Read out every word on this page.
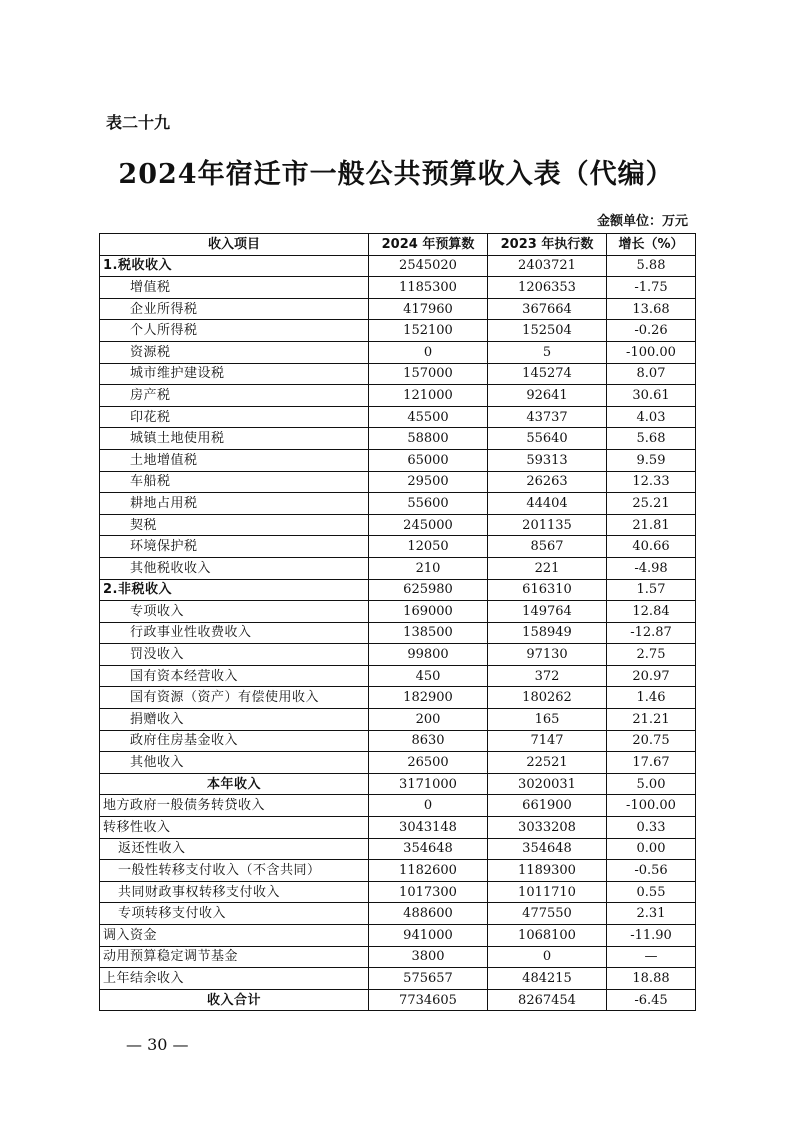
表二十九
2024年宿迁市一般公共预算收入表（代编）
金额单位：万元
收入项目	2024 年预算数	2023 年执行数	增长（%）
1.税收收入	2545020	2403721	5.88
增值税	1185300	1206353	-1.75
企业所得税	417960	367664	13.68
个人所得税	152100	152504	-0.26
资源税	0	5	-100.00
城市维护建设税	157000	145274	8.07
房产税	121000	92641	30.61
印花税	45500	43737	4.03
城镇土地使用税	58800	55640	5.68
土地增值税	65000	59313	9.59
车船税	29500	26263	12.33
耕地占用税	55600	44404	25.21
契税	245000	201135	21.81
环境保护税	12050	8567	40.66
其他税收收入	210	221	-4.98
2.非税收入	625980	616310	1.57
专项收入	169000	149764	12.84
行政事业性收费收入	138500	158949	-12.87
罚没收入	99800	97130	2.75
国有资本经营收入	450	372	20.97
国有资源（资产）有偿使用收入	182900	180262	1.46
捐赠收入	200	165	21.21
政府住房基金收入	8630	7147	20.75
其他收入	26500	22521	17.67
本年收入	3171000	3020031	5.00
地方政府一般债务转贷收入	0	661900	-100.00
转移性收入	3043148	3033208	0.33
返还性收入	354648	354648	0.00
一般性转移支付收入（不含共同）	1182600	1189300	-0.56
共同财政事权转移支付收入	1017300	1011710	0.55
专项转移支付收入	488600	477550	2.31
调入资金	941000	1068100	-11.90
动用预算稳定调节基金	3800	0	—
上年结余收入	575657	484215	18.88
收入合计	7734605	8267454	-6.45
— 30 —
